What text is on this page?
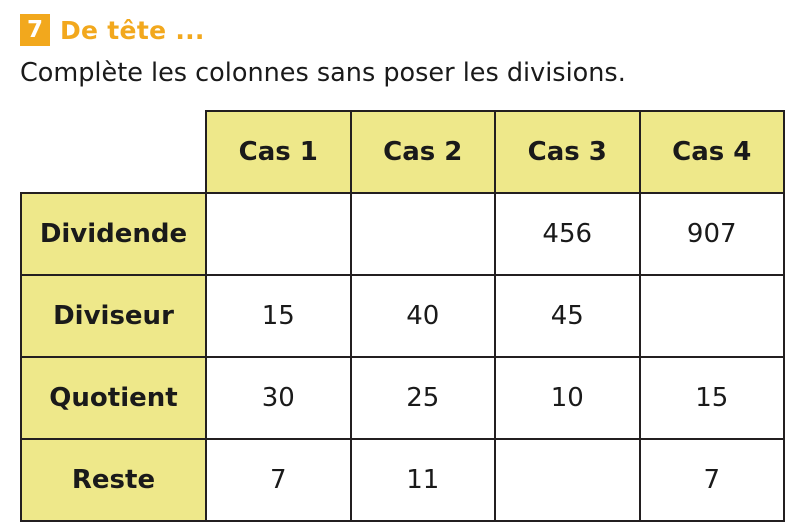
7 De tête ...
Complète les colonnes sans poser les divisions.
	Cas 1	Cas 2	Cas 3	Cas 4
Dividende			456	907
Diviseur	15	40	45	
Quotient	30	25	10	15
Reste	7	11		7
